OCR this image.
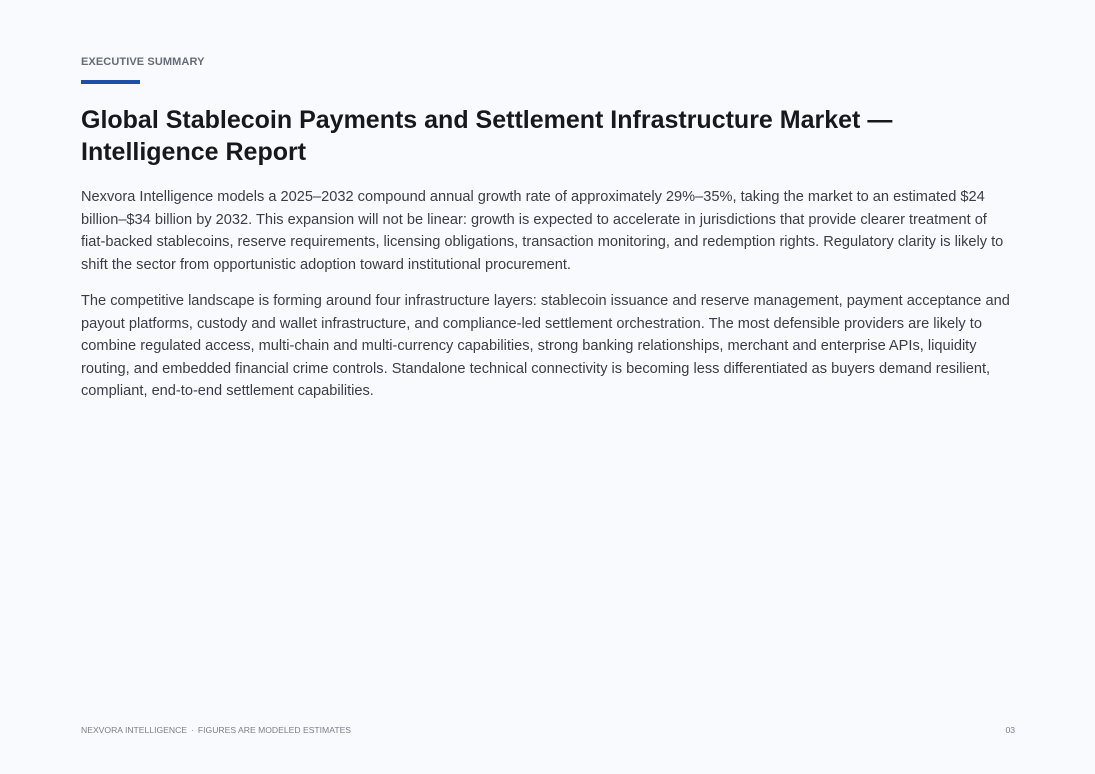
EXECUTIVE SUMMARY
Global Stablecoin Payments and Settlement Infrastructure Market — Intelligence Report

Nexvora Intelligence models a 2025–2032 compound annual growth rate of approximately 29%–35%, taking the market to an estimated $24 billion–$34 billion by 2032. This expansion will not be linear: growth is expected to accelerate in jurisdictions that provide clearer treatment of fiat-backed stablecoins, reserve requirements, licensing obligations, transaction monitoring, and redemption rights. Regulatory clarity is likely to shift the sector from opportunistic adoption toward institutional procurement.

The competitive landscape is forming around four infrastructure layers: stablecoin issuance and reserve management, payment acceptance and payout platforms, custody and wallet infrastructure, and compliance-led settlement orchestration. The most defensible providers are likely to combine regulated access, multi-chain and multi-currency capabilities, strong banking relationships, merchant and enterprise APIs, liquidity routing, and embedded financial crime controls. Standalone technical connectivity is becoming less differentiated as buyers demand resilient, compliant, end-to-end settlement capabilities.

NEXVORA INTELLIGENCE · FIGURES ARE MODELED ESTIMATES	03
